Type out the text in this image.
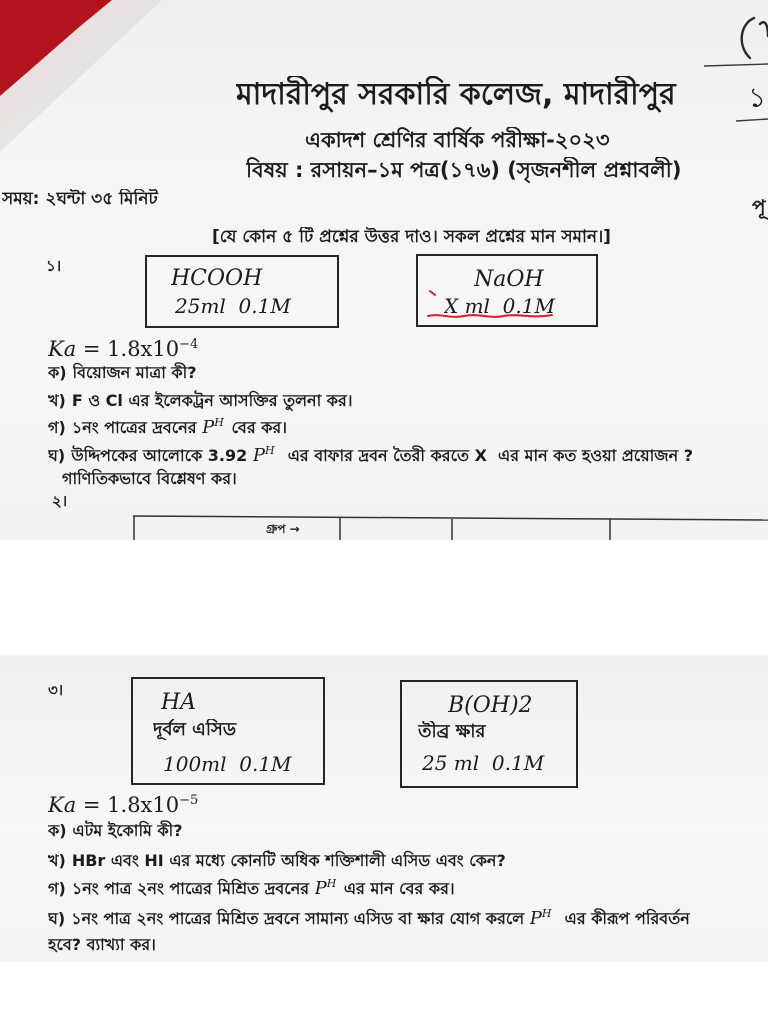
মাদারীপুর সরকারি কলেজ, মাদারীপুর
একাদশ শ্রেণির বার্ষিক পরীক্ষা-২০২৩
বিষয় : রসায়ন–১ম পত্র(১৭৬) (সৃজনশীল প্রশ্নাবলী)
১
সময়: ২ঘন্টা ৩৫ মিনিট	পূ
[যে কোন ৫ টি প্রশ্নের উত্তর দাও। সকল প্রশ্নের মান সমান।]
১।	HCOOH
25ml  0.1M
NaOH
X ml  0.1M
$Ka = 1.8x10^{-4}$
ক) বিয়োজন মাত্রা কী?
খ) F ও Cl এর ইলেকট্রন আসক্তির তুলনা কর।
গ) ১নং পাত্রের দ্রবনের P H বের কর।
ঘ) উদ্দিপকের আলোকে 3.92 P H এর বাফার দ্রবন তৈরী করতে X  এর মান কত হওয়া প্রয়োজন ?
গাণিতিকভাবে বিশ্লেষণ কর।
২।
গ্রুপ →
৩।	HA
দূর্বল এসিড
100ml  0.1M
B(OH)2
তীব্র ক্ষার
25 ml  0.1M
$Ka = 1.8x10^{-5}$
ক) এটম ইকোমি কী?
খ) HBr এবং HI এর মধ্যে কোনটি অধিক শক্তিশালী এসিড এবং কেন?
গ) ১নং পাত্র ২নং পাত্রের মিশ্রিত দ্রবনের P H এর মান বের কর।
ঘ) ১নং পাত্র ২নং পাত্রের মিশ্রিত দ্রবনে সামান্য এসিড বা ক্ষার যোগ করলে P H এর কীরূপ পরিবর্তন
হবে? ব্যাখ্যা কর।
